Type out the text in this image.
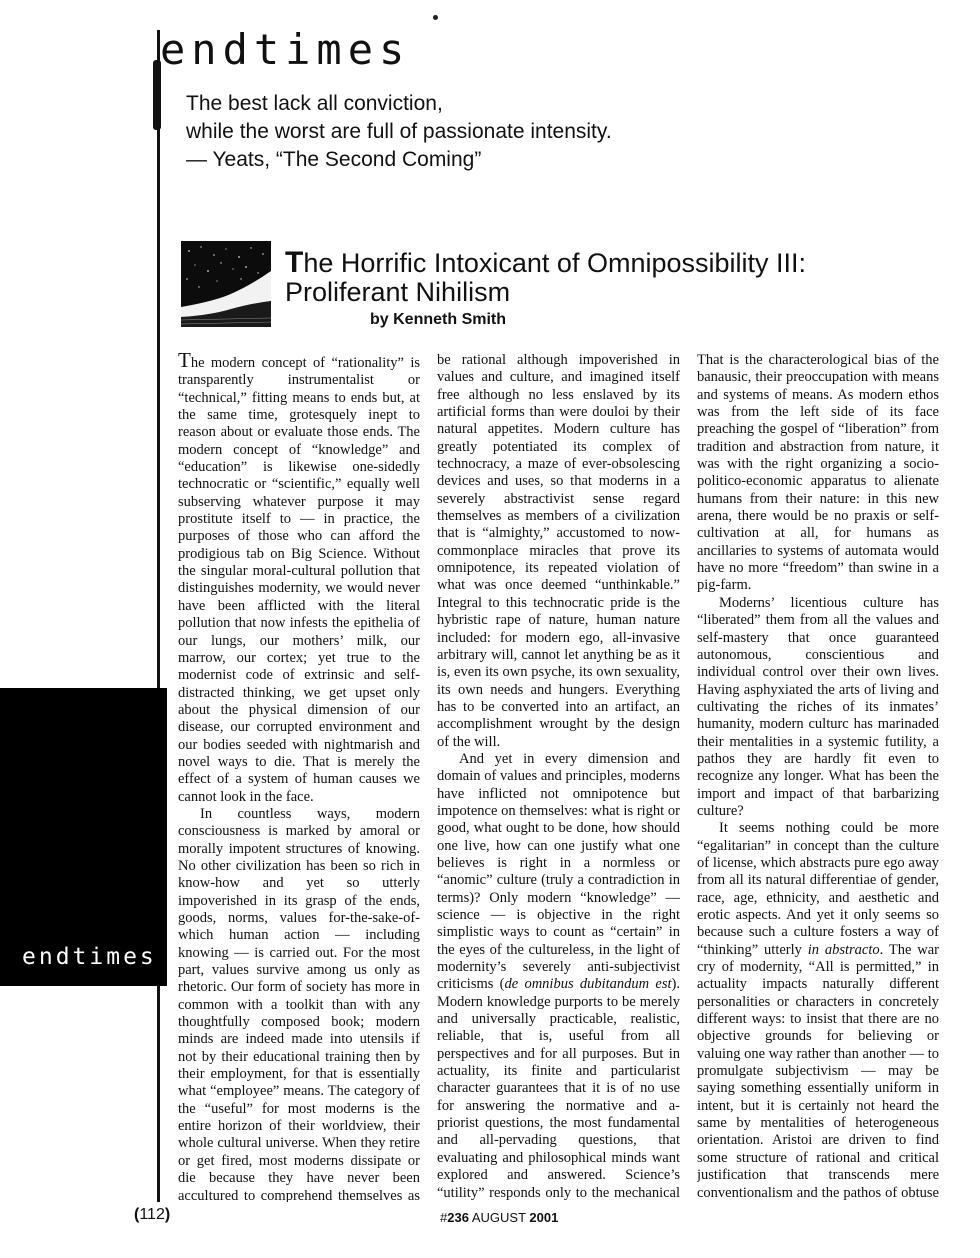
endtimes
The best lack all conviction,
while the worst are full of passionate intensity.
— Yeats, “The Second Coming”
The Horrific Intoxicant of Omnipossibility III:
Proliferant Nihilism
by Kenneth Smith
endtimes

The modern concept of “rationality” is transparently instrumentalist or “technical,” fitting means to ends but, at the same time, grotesquely inept to reason about or evaluate those ends. The modern concept of “knowledge” and “education” is likewise one-sidedly technocratic or “scientific,” equally well subserving whatever purpose it may prostitute itself to — in practice, the purposes of those who can afford the prodigious tab on Big Science. Without the singular moral-cultural pollution that distinguishes modernity, we would never have been afflicted with the literal pollution that now infests the epithelia of our lungs, our mothers’ milk, our marrow, our cortex; yet true to the modernist code of extrinsic and self-distracted thinking, we get upset only about the physical dimension of our disease, our corrupted environment and our bodies seeded with nightmarish and novel ways to die. That is merely the effect of a system of human causes we cannot look in the face.

In countless ways, modern consciousness is marked by amoral or morally impotent structures of knowing. No other civilization has been so rich in know-how and yet so utterly impoverished in its grasp of the ends, goods, norms, values for-the-sake-of-which human action — including knowing — is carried out. For the most part, values survive among us only as rhetoric. Our form of society has more in common with a toolkit than with any thoughtfully composed book; modern minds are indeed made into utensils if not by their educational training then by their employment, for that is essentially what “employee” means. The category of the “useful” for most moderns is the entire horizon of their worldview, their whole cultural universe. When they retire or get fired, most moderns dissipate or die because they have never been accultured to comprehend themselves as

be rational although impoverished in values and culture, and imagined itself free although no less enslaved by its artificial forms than were douloi by their natural appetites. Modern culture has greatly potentiated its complex of technocracy, a maze of ever-obsolescing devices and uses, so that moderns in a severely abstractivist sense regard themselves as members of a civilization that is “almighty,” accustomed to now-commonplace miracles that prove its omnipotence, its repeated violation of what was once deemed “unthinkable.” Integral to this technocratic pride is the hybristic rape of nature, human nature included: for modern ego, all-invasive arbitrary will, cannot let anything be as it is, even its own psyche, its own sexuality, its own needs and hungers. Everything has to be converted into an artifact, an accomplishment wrought by the design of the will.

And yet in every dimension and domain of values and principles, moderns have inflicted not omnipotence but impotence on themselves: what is right or good, what ought to be done, how should one live, how can one justify what one believes is right in a normless or “anomic” culture (truly a contradiction in terms)? Only modern “knowledge” — science — is objective in the right simplistic ways to count as “certain” in the eyes of the cultureless, in the light of modernity’s severely anti-subjectivist criticisms (de omnibus dubitandum est). Modern knowledge purports to be merely and universally practicable, realistic, reliable, that is, useful from all perspectives and for all purposes. But in actuality, its finite and particularist character guarantees that it is of no use for answering the normative and a-priorist questions, the most fundamental and all-pervading questions, that evaluating and philosophical minds want explored and answered. Science’s “utility” responds only to the mechanical

That is the characterological bias of the banausic, their preoccupation with means and systems of means. As modern ethos was from the left side of its face preaching the gospel of “liberation” from tradition and abstraction from nature, it was with the right organizing a socio-politico-economic apparatus to alienate humans from their nature: in this new arena, there would be no praxis or self-cultivation at all, for humans as ancillaries to systems of automata would have no more “freedom” than swine in a pig-farm.

Moderns’ licentious culture has “liberated” them from all the values and self-mastery that once guaranteed autonomous, conscientious and individual control over their own lives. Having asphyxiated the arts of living and cultivating the riches of its inmates’ humanity, modern culturc has marinaded their mentalities in a systemic futility, a pathos they are hardly fit even to recognize any longer. What has been the import and impact of that barbarizing culture?

It seems nothing could be more “egalitarian” in concept than the culture of license, which abstracts pure ego away from all its natural differentiae of gender, race, age, ethnicity, and aesthetic and erotic aspects. And yet it only seems so because such a culture fosters a way of “thinking” utterly in abstracto. The war cry of modernity, “All is permitted,” in actuality impacts naturally different personalities or characters in concretely different ways: to insist that there are no objective grounds for believing or valuing one way rather than another — to promulgate subjectivism — may be saying something essentially uniform in intent, but it is certainly not heard the same by mentalities of heterogeneous orientation. Aristoi are driven to find some structure of rational and critical justification that transcends mere conventionalism and the pathos of obtuse

(112)	#236 AUGUST 2001
